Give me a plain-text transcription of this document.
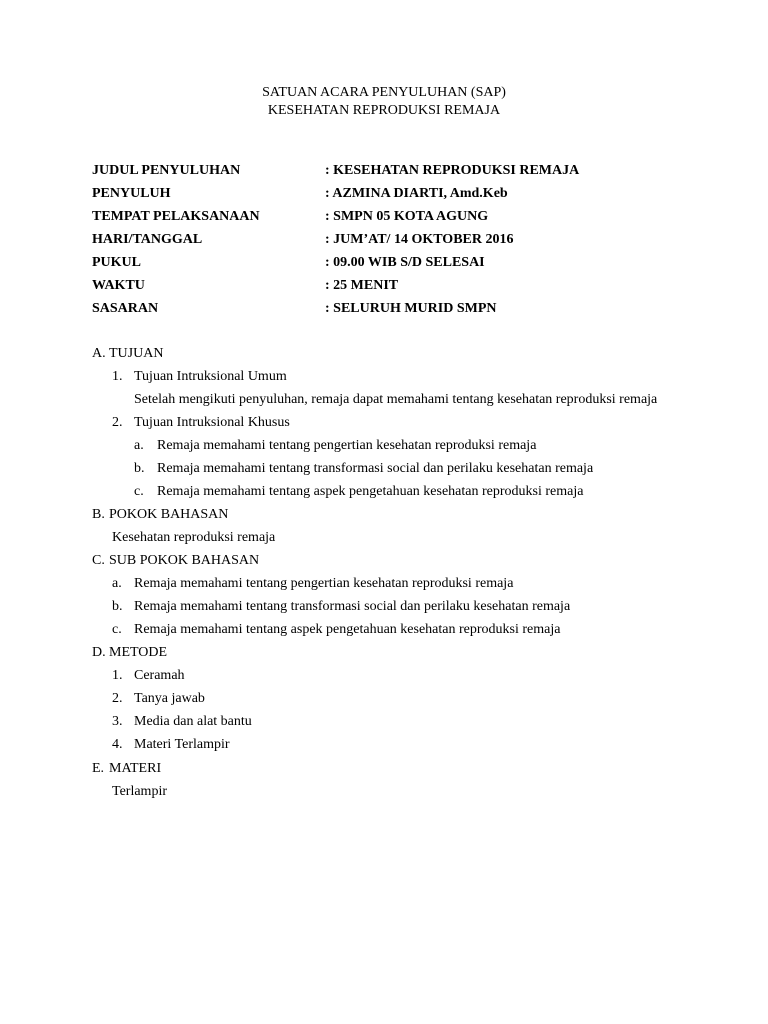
SATUAN ACARA PENYULUHAN (SAP)
KESEHATAN REPRODUKSI REMAJA
JUDUL PENYULUHAN	: KESEHATAN REPRODUKSI REMAJA
PENYULUH	: AZMINA DIARTI, Amd.Keb
TEMPAT PELAKSANAAN	: SMPN 05 KOTA AGUNG
HARI/TANGGAL	: JUM’AT/ 14 OKTOBER 2016
PUKUL	: 09.00 WIB S/D SELESAI
WAKTU	: 25 MENIT
SASARAN	: SELURUH MURID SMPN
A. TUJUAN
1. Tujuan Intruksional Umum
Setelah mengikuti penyuluhan, remaja dapat memahami tentang kesehatan reproduksi remaja
2. Tujuan Intruksional Khusus
a. Remaja memahami tentang pengertian kesehatan reproduksi remaja
b. Remaja memahami tentang transformasi social dan perilaku kesehatan remaja
c. Remaja memahami tentang aspek pengetahuan kesehatan reproduksi remaja
B. POKOK BAHASAN
Kesehatan reproduksi remaja
C. SUB POKOK BAHASAN
a. Remaja memahami tentang pengertian kesehatan reproduksi remaja
b. Remaja memahami tentang transformasi social dan perilaku kesehatan remaja
c. Remaja memahami tentang aspek pengetahuan kesehatan reproduksi remaja
D. METODE
1. Ceramah
2. Tanya jawab
3. Media dan alat bantu
4. Materi Terlampir
E. MATERI
Terlampir
